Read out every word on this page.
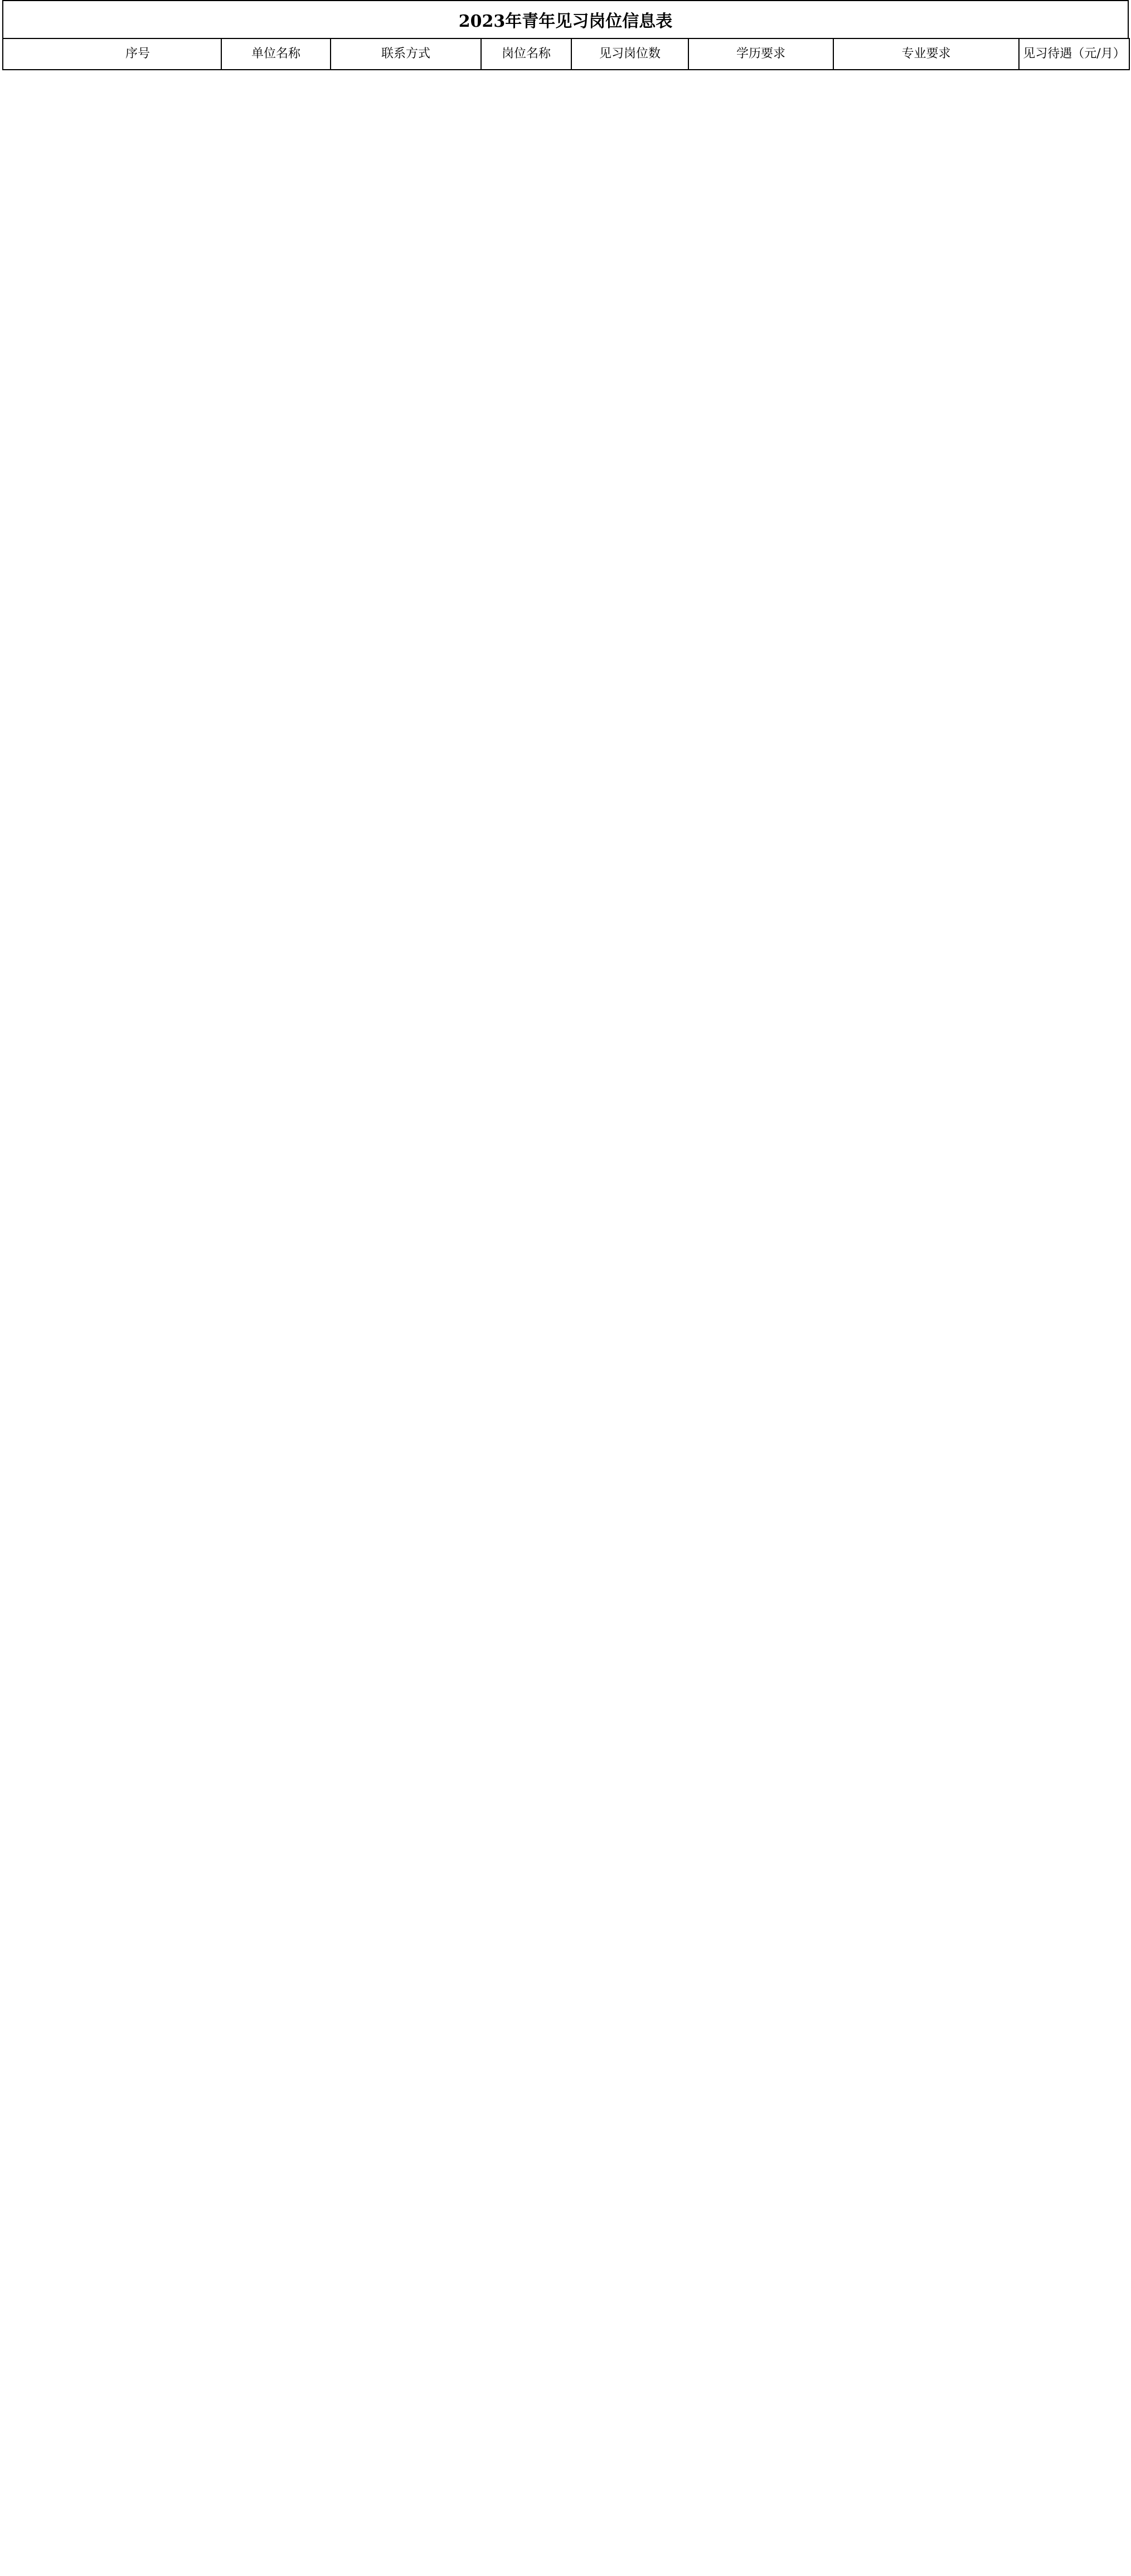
2023年青年见习岗位信息表
序号	单位名称	联系方式	岗位名称	见习岗位数	学历要求	专业要求	见习待遇（元/月）
